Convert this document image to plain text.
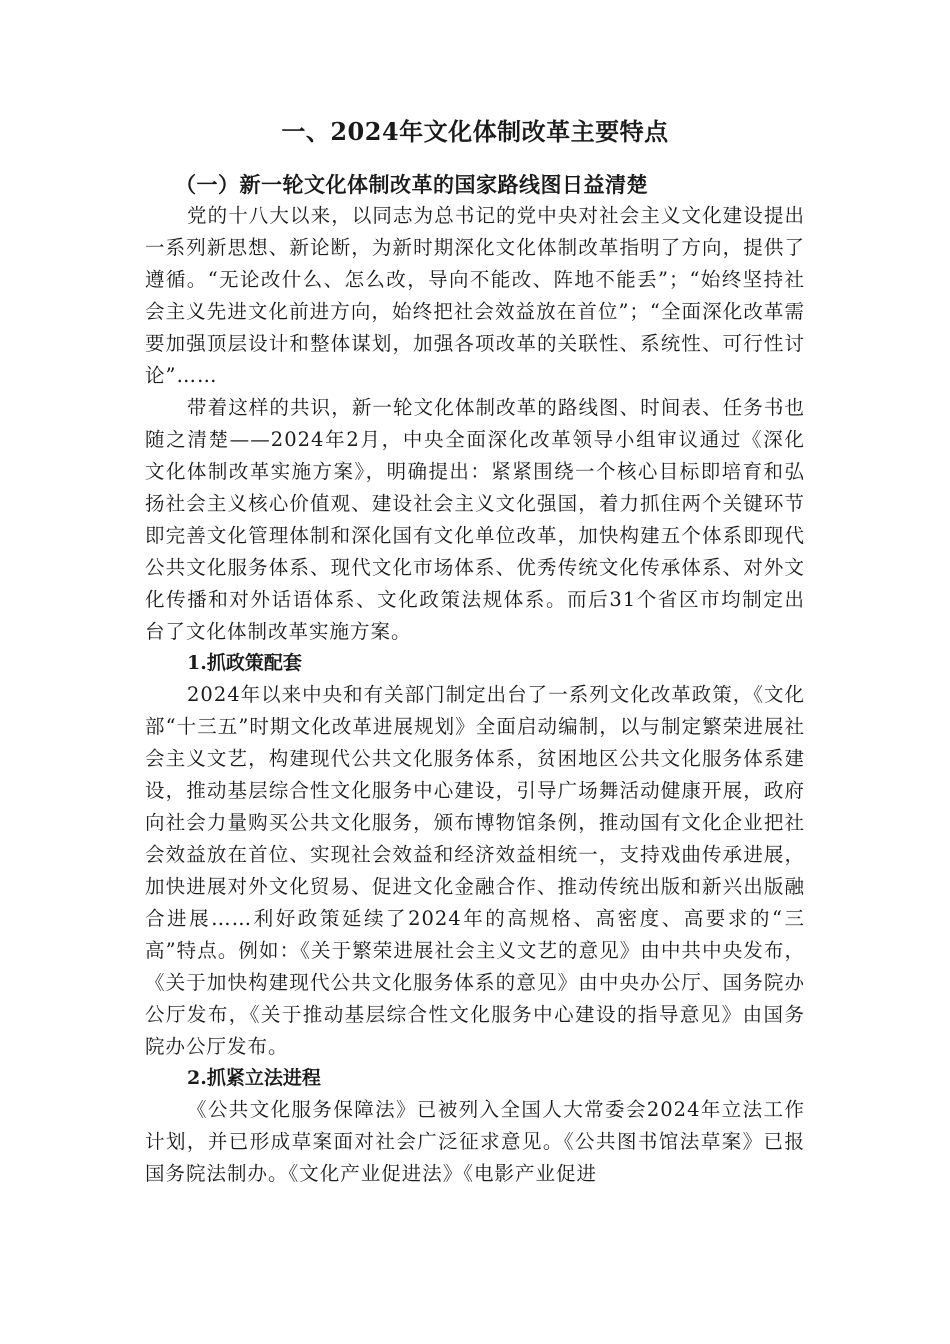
一、2024年文化体制改革主要特点
（一）新一轮文化体制改革的国家路线图日益清楚

党的十八大以来，以同志为总书记的党中央对社会主义文化建设提出一系列新思想、新论断，为新时期深化文化体制改革指明了方向，提供了遵循。“无论改什么、怎么改，导向不能改、阵地不能丢”；“始终坚持社会主义先进文化前进方向，始终把社会效益放在首位”；“全面深化改革需要加强顶层设计和整体谋划，加强各项改革的关联性、系统性、可行性讨论”……

带着这样的共识，新一轮文化体制改革的路线图、时间表、任务书也随之清楚——2024年2月，中央全面深化改革领导小组审议通过《深化文化体制改革实施方案》，明确提出：紧紧围绕一个核心目标即培育和弘扬社会主义核心价值观、建设社会主义文化强国，着力抓住两个关键环节即完善文化管理体制和深化国有文化单位改革，加快构建五个体系即现代公共文化服务体系、现代文化市场体系、优秀传统文化传承体系、对外文化传播和对外话语体系、文化政策法规体系。而后31个省区市均制定出台了文化体制改革实施方案。

1.抓政策配套

2024年以来中央和有关部门制定出台了一系列文化改革政策，《文化部“十三五”时期文化改革进展规划》全面启动编制，以与制定繁荣进展社会主义文艺，构建现代公共文化服务体系，贫困地区公共文化服务体系建设，推动基层综合性文化服务中心建设，引导广场舞活动健康开展，政府向社会力量购买公共文化服务，颁布博物馆条例，推动国有文化企业把社会效益放在首位、实现社会效益和经济效益相统一，支持戏曲传承进展，加快进展对外文化贸易、促进文化金融合作、推动传统出版和新兴出版融合进展……利好政策延续了2024年的高规格、高密度、高要求的“三高”特点。例如：《关于繁荣进展社会主义文艺的意见》由中共中央发布，《关于加快构建现代公共文化服务体系的意见》由中央办公厅、国务院办公厅发布，《关于推动基层综合性文化服务中心建设的指导意见》由国务院办公厅发布。

2.抓紧立法进程

《公共文化服务保障法》已被列入全国人大常委会2024年立法工作计划，并已形成草案面对社会广泛征求意见。《公共图书馆法草案》已报国务院法制办。《文化产业促进法》《电影产业促进
